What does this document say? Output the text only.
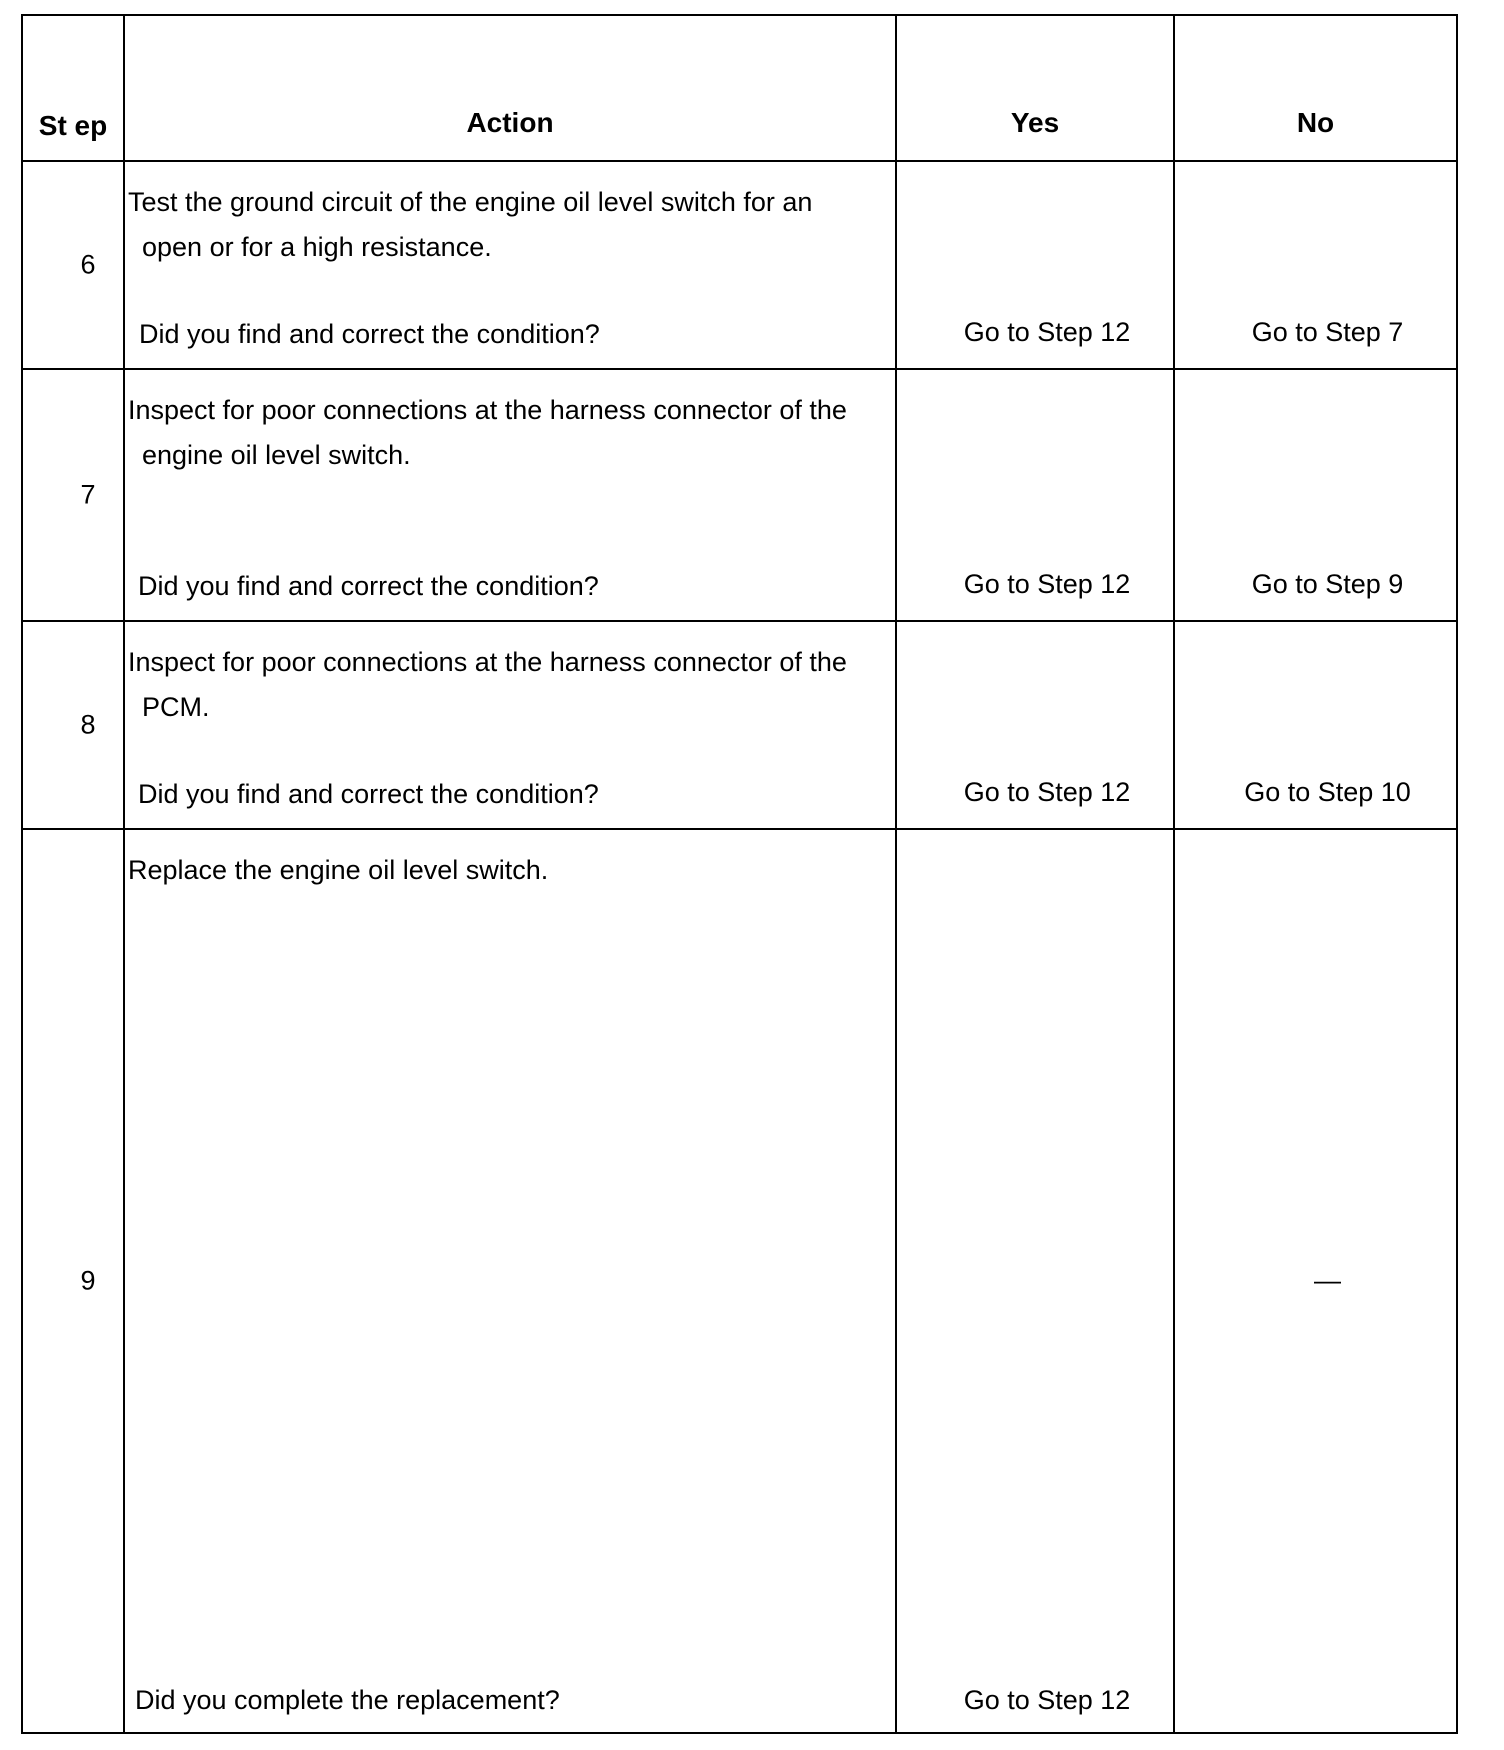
St ep	Action	Yes	No

6	Test the ground circuit of the engine oil level switch for an
open or for a high resistance.
Did you find and correct the condition?	Go to Step 12	Go to Step 7

7	Inspect for poor connections at the harness connector of the
engine oil level switch.
Did you find and correct the condition?	Go to Step 12	Go to Step 9

8	Inspect for poor connections at the harness connector of the
PCM.
Did you find and correct the condition?	Go to Step 12	Go to Step 10

9	Replace the engine oil level switch.
Did you complete the replacement?	Go to Step 12	—
